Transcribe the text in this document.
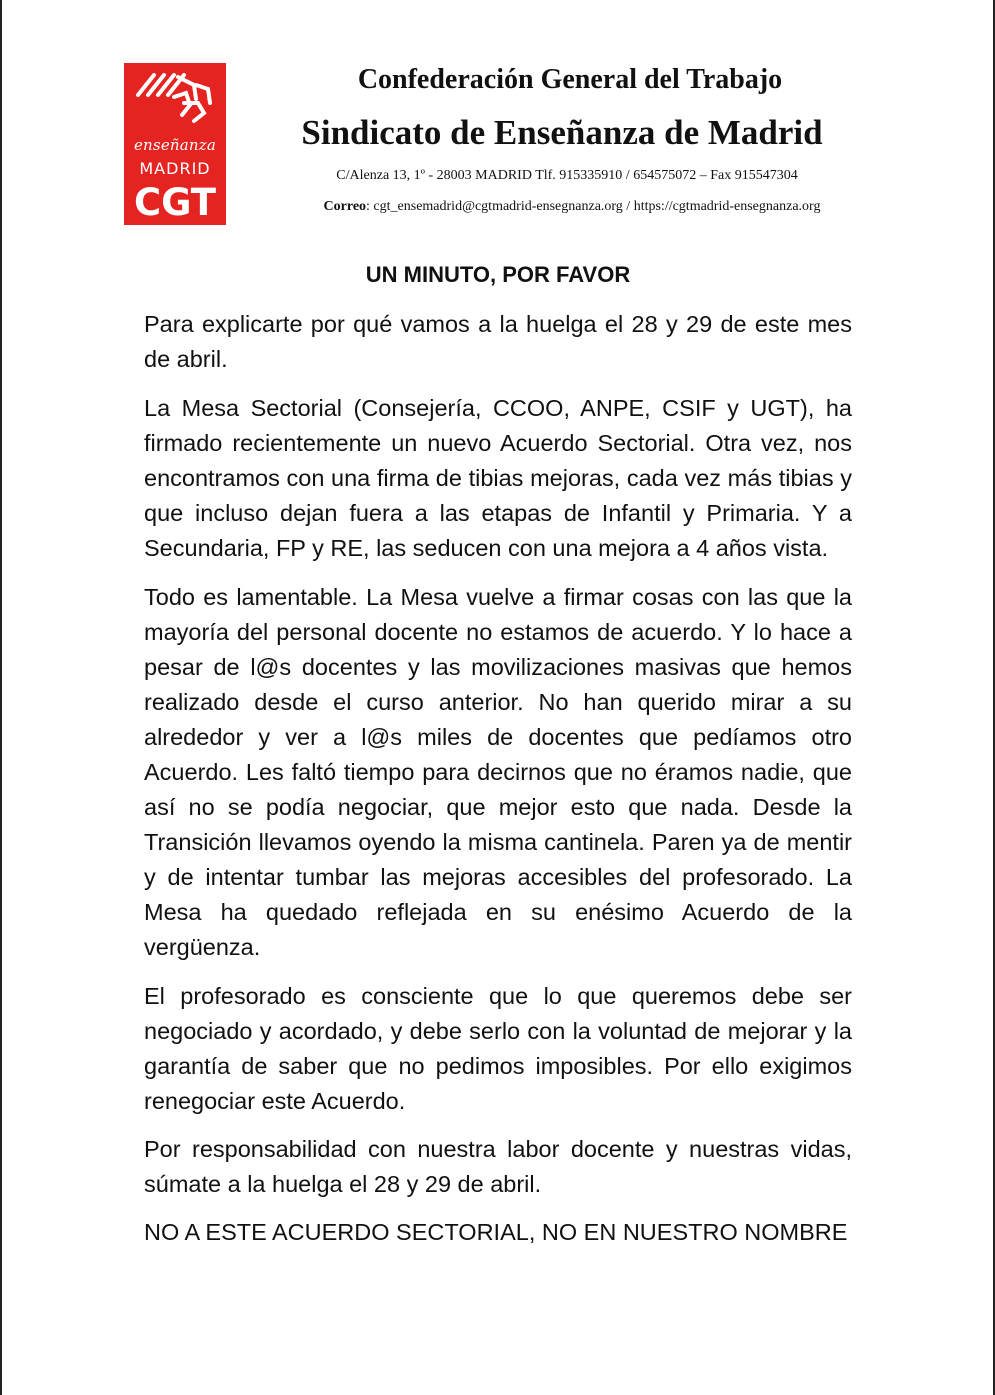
enseñanza
MADRID
CGT
Confederación General del Trabajo
Sindicato de Enseñanza de Madrid
C/Alenza 13, 1º - 28003 MADRID Tlf. 915335910 / 654575072 – Fax 915547304
Correo: cgt_ensemadrid@cgtmadrid-ensegnanza.org / https://cgtmadrid-ensegnanza.org
UN MINUTO, POR FAVOR

Para explicarte por qué vamos a la huelga el 28 y 29 de este mes de abril.

La Mesa Sectorial (Consejería, CCOO, ANPE, CSIF y UGT), ha firmado recientemente un nuevo Acuerdo Sectorial. Otra vez, nos encontramos con una firma de tibias mejoras, cada vez más tibias y que incluso dejan fuera a las etapas de Infantil y Primaria. Y a Secundaria, FP y RE, las seducen con una mejora a 4 años vista.

Todo es lamentable. La Mesa vuelve a firmar cosas con las que la mayoría del personal docente no estamos de acuerdo. Y lo hace a pesar de l@s docentes y las movilizaciones masivas que hemos realizado desde el curso anterior. No han querido mirar a su alrededor y ver a l@s miles de docentes que pedíamos otro Acuerdo. Les faltó tiempo para decirnos que no éramos nadie, que así no se podía negociar, que mejor esto que nada. Desde la Transición llevamos oyendo la misma cantinela. Paren ya de mentir y de intentar tumbar las mejoras accesibles del profesorado. La Mesa ha quedado reflejada en su enésimo Acuerdo de la vergüenza.

El profesorado es consciente que lo que queremos debe ser negociado y acordado, y debe serlo con la voluntad de mejorar y la garantía de saber que no pedimos imposibles. Por ello exigimos renegociar este Acuerdo.

Por responsabilidad con nuestra labor docente y nuestras vidas, súmate a la huelga el 28 y 29 de abril.

NO A ESTE ACUERDO SECTORIAL, NO EN NUESTRO NOMBRE
